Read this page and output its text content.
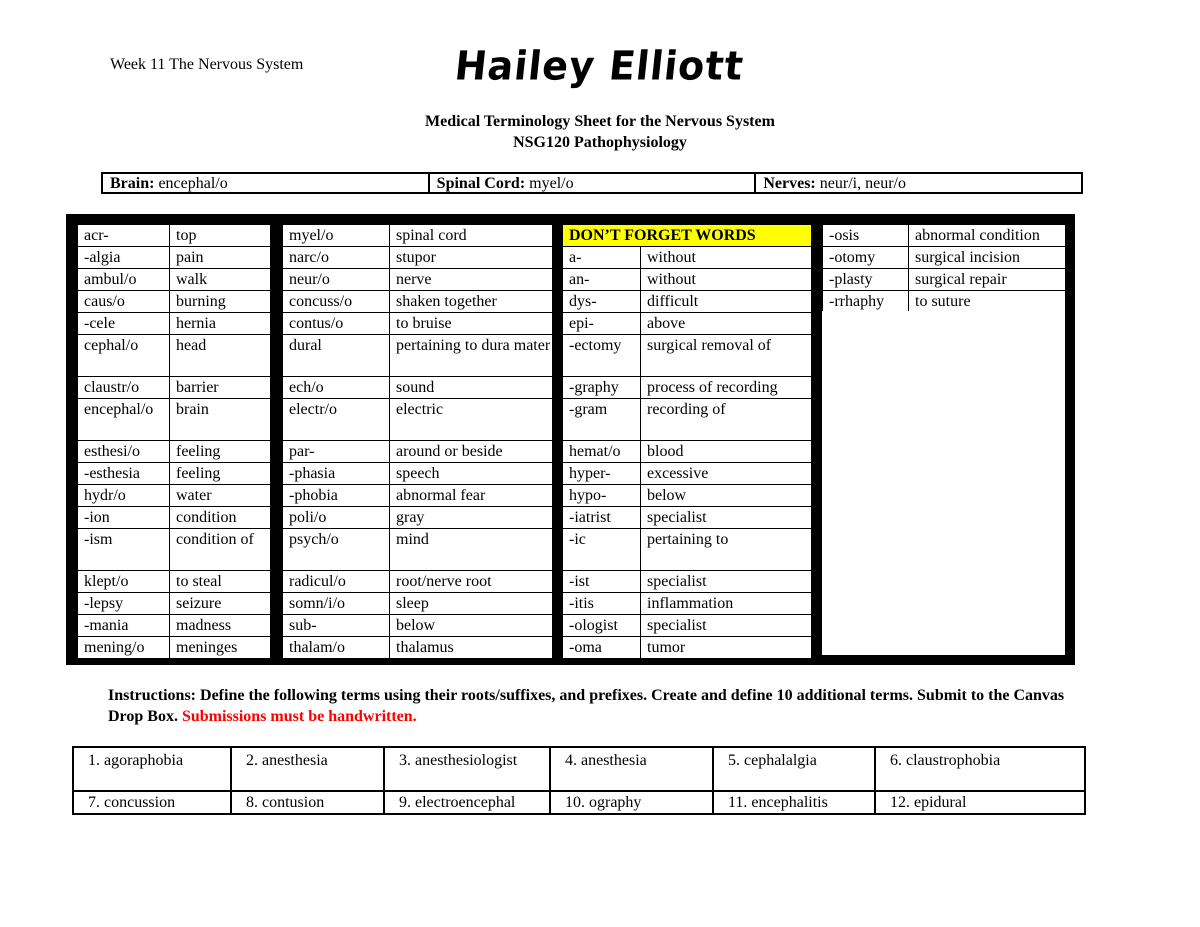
Week 11 The Nervous System	Hailey Elliott
Medical Terminology Sheet for the Nervous System
NSG120 Pathophysiology
Brain: encephal/o	Spinal Cord: myel/o	Nerves: neur/i, neur/o
acr-	top
-algia	pain
ambul/o	walk
caus/o	burning
-cele	hernia
cephal/o	head
claustr/o	barrier
encephal/o	brain
esthesi/o	feeling
-esthesia	feeling
hydr/o	water
-ion	condition
-ism	condition of
klept/o	to steal
-lepsy	seizure
-mania	madness
mening/o	meninges
myel/o	spinal cord
narc/o	stupor
neur/o	nerve
concuss/o	shaken together
contus/o	to bruise
dural	pertaining to dura mater
ech/o	sound
electr/o	electric
par-	around or beside
-phasia	speech
-phobia	abnormal fear
poli/o	gray
psych/o	mind
radicul/o	root/nerve root
somn/i/o	sleep
sub-	below
thalam/o	thalamus
DON’T FORGET WORDS	
a-	without
an-	without
dys-	difficult
epi-	above
-ectomy	surgical removal of
-graphy	process of recording
-gram	recording of
hemat/o	blood
hyper-	excessive
hypo-	below
-iatrist	specialist
-ic	pertaining to
-ist	specialist
-itis	inflammation
-ologist	specialist
-oma	tumor
-osis	abnormal condition
-otomy	surgical incision
-plasty	surgical repair
-rrhaphy	to suture
Instructions: Define the following terms using their roots/suffixes, and prefixes. Create and define 10 additional terms. Submit to the Canvas Drop Box. Submissions must be handwritten.
1. agoraphobia	2. anesthesia	3. anesthesiologist	4. anesthesia	5. cephalalgia	6. claustrophobia
7. concussion	8. contusion	9. electroencephal	10. ography	11. encephalitis	12. epidural
